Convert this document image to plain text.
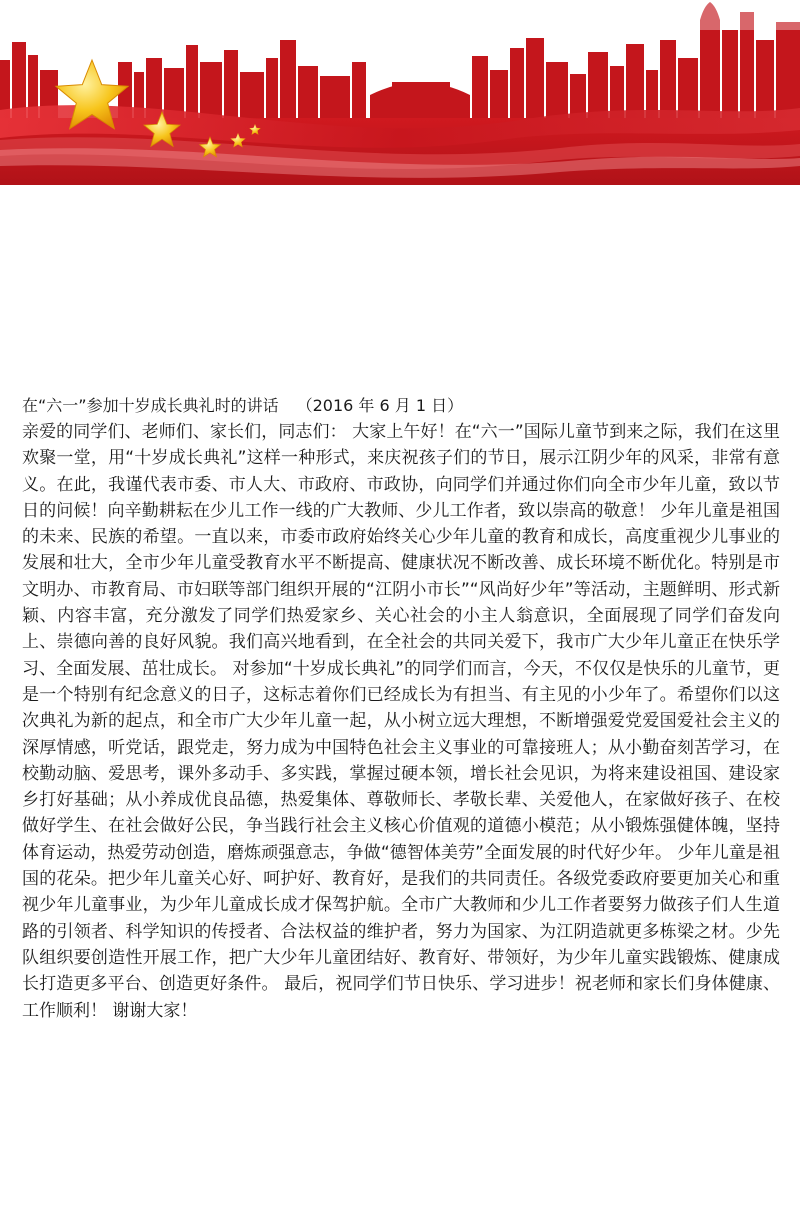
在“六一”参加十岁成长典礼时的讲话 （2016 年 6 月 1 日）

亲爱的同学们、老师们、家长们，同志们： 大家上午好！在“六一”国际儿童节到来之际，我们在这里欢聚一堂，用“十岁成长典礼”这样一种形式，来庆祝孩子们的节日，展示江阴少年的风采，非常有意义。在此，我谨代表市委、市人大、市政府、市政协，向同学们并通过你们向全市少年儿童，致以节日的问候！向辛勤耕耘在少儿工作一线的广大教师、少儿工作者，致以崇高的敬意！ 少年儿童是祖国的未来、民族的希望。一直以来，市委市政府始终关心少年儿童的教育和成长，高度重视少儿事业的发展和壮大，全市少年儿童受教育水平不断提高、健康状况不断改善、成长环境不断优化。特别是市文明办、市教育局、市妇联等部门组织开展的“江阴小市长”“风尚好少年”等活动，主题鲜明、形式新颖、内容丰富，充分激发了同学们热爱家乡、关心社会的小主人翁意识，全面展现了同学们奋发向上、崇德向善的良好风貌。我们高兴地看到，在全社会的共同关爱下，我市广大少年儿童正在快乐学习、全面发展、茁壮成长。 对参加“十岁成长典礼”的同学们而言，今天，不仅仅是快乐的儿童节，更是一个特别有纪念意义的日子，这标志着你们已经成长为有担当、有主见的小少年了。希望你们以这次典礼为新的起点，和全市广大少年儿童一起，从小树立远大理想，不断增强爱党爱国爱社会主义的深厚情感，听党话，跟党走，努力成为中国特色社会主义事业的可靠接班人；从小勤奋刻苦学习，在校勤动脑、爱思考，课外多动手、多实践，掌握过硬本领，增长社会见识，为将来建设祖国、建设家乡打好基础；从小养成优良品德，热爱集体、尊敬师长、孝敬长辈、关爱他人，在家做好孩子、在校做好学生、在社会做好公民，争当践行社会主义核心价值观的道德小模范；从小锻炼强健体魄，坚持体育运动，热爱劳动创造，磨炼顽强意志，争做“德智体美劳”全面发展的时代好少年。 少年儿童是祖国的花朵。把少年儿童关心好、呵护好、教育好，是我们的共同责任。各级党委政府要更加关心和重视少年儿童事业，为少年儿童成长成才保驾护航。全市广大教师和少儿工作者要努力做孩子们人生道路的引领者、科学知识的传授者、合法权益的维护者，努力为国家、为江阴造就更多栋梁之材。少先队组织要创造性开展工作，把广大少年儿童团结好、教育好、带领好，为少年儿童实践锻炼、健康成长打造更多平台、创造更好条件。 最后，祝同学们节日快乐、学习进步！祝老师和家长们身体健康、工作顺利！ 谢谢大家！
